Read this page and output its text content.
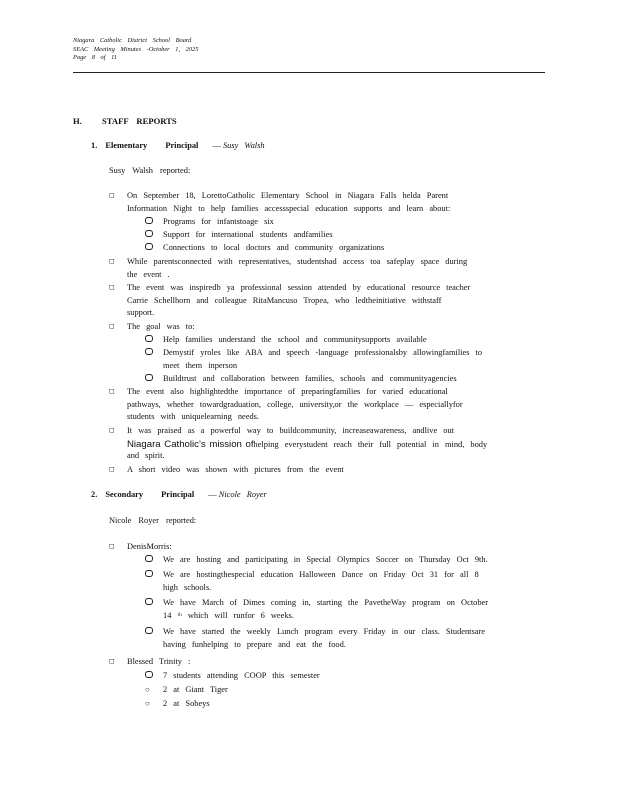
Niagara Catholic District School Board
SEAC Meeting Minutes -October 1, 2025
Page 8 of 11
H. STAFF REPORTS
1. Elementary Principal — Susy Walsh
Susy Walsh reported:
◻ On September 18, LorettoCatholic Elementary School in Niagara Falls helda Parent
Information Night to help families accessspecial education supports and learn about:
Programs for infantstoage six
Support for international students andfamilies
Connections to local doctors and community organizations
◻ While parentsconnected with representatives, studentshad access toa safeplay space during
the event .
◻ The event was inspiredb ya professional session attended by educational resource teacher
Carrie Schellhorn and colleague RitaMancuso Tropea, who ledtheinitiative withstaff
support.
◻ The goal was to:
Help families understand the school and communitysupports available
Demystif yroles like ABA and speech -language professionalsby allowingfamilies to
meet them inperson
Buildtrust and collaboration between families, schools and communityagencies
◻ The event also highlightedthe importance of preparingfamilies for varied educational
pathways, whether towardgraduation, college, university,or the workplace — especiallyfor
students with uniquelearning needs.
◻ It was praised as a powerful way to buildcommunity, increaseawareness, andlive out
Niagara Catholic’s mission ofhelping everystudent reach their full potential in mind, body
and spirit.
◻ A short video was shown with pictures from the event
2. Secondary Principal — Nicole Royer
Nicole Royer reported:
◻ DenisMorris:
We are hosting and participating in Special Olympics Soccer on Thursday Oct 9th.
We are hostingthespecial education Halloween Dance on Friday Oct 31 for all 8
high schools.
We have March of Dimes coming in, starting the PavetheWay program on October
14 ᵗʰ which will runfor 6 weeks.
We have started the weekly Lunch program every Friday in our class. Studentsare
having funhelping to prepare and eat the food.
◻ Blessed Trinity :
7 students attending COOP this semester
○ 2 at Giant Tiger
○ 2 at Sobeys
